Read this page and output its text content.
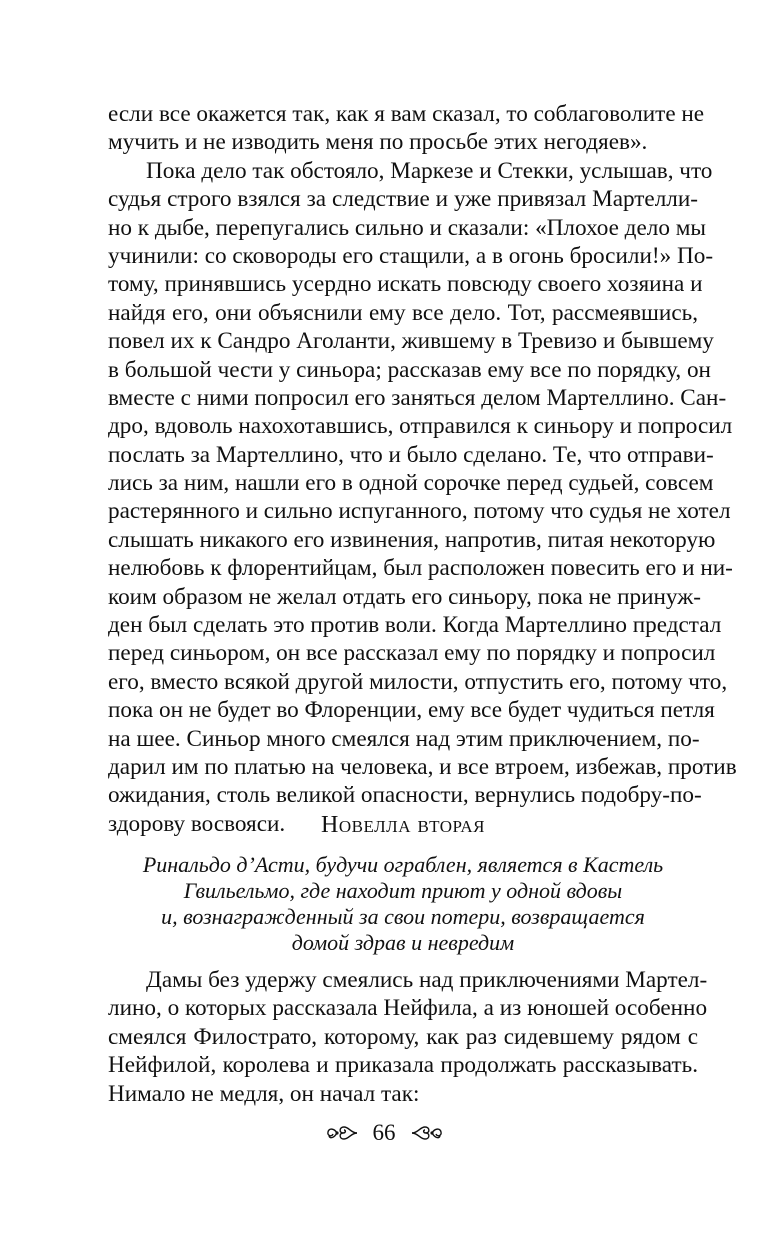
если все окажется так, как я вам сказал, то соблаговолите не
мучить и не изводить меня по просьбе этих негодяев».
Пока дело так обстояло, Маркезе и Стекки, услышав, что
судья строго взялся за следствие и уже привязал Мартелли-
но к дыбе, перепугались сильно и сказали: «Плохое дело мы
учинили: со сковороды его стащили, а в огонь бросили!» По-
тому, принявшись усердно искать повсюду своего хозяина и
найдя его, они объяснили ему все дело. Тот, рассмеявшись,
повел их к Сандро Аголанти, жившему в Тревизо и бывшему
в большой чести у синьора; рассказав ему все по порядку, он
вместе с ними попросил его заняться делом Мартеллино. Сан-
дро, вдоволь нахохотавшись, отправился к синьору и попросил
послать за Мартеллино, что и было сделано. Те, что отправи-
лись за ним, нашли его в одной сорочке перед судьей, совсем
растерянного и сильно испуганного, потому что судья не хотел
слышать никакого его извинения, напротив, питая некоторую
нелюбовь к флорентийцам, был расположен повесить его и ни-
коим образом не желал отдать его синьору, пока не принуж-
ден был сделать это против воли. Когда Мартеллино предстал
перед синьором, он все рассказал ему по порядку и попросил
его, вместо всякой другой милости, отпустить его, потому что,
пока он не будет во Флоренции, ему все будет чудиться петля
на шее. Синьор много смеялся над этим приключением, по-
дарил им по платью на человека, и все втроем, избежав, против
ожидания, столь великой опасности, вернулись подобру-по-
здорову восвояси.	Новелла вторая
Ринальдо д’Асти, будучи ограблен, является в Кастель
Гвильельмо, где находит приют у одной вдовы
и, вознагражденный за свои потери, возвращается
домой здрав и невредим
Дамы без удержу смеялись над приключениями Мартел-
лино, о которых рассказала Нейфила, а из юношей особенно
смеялся Филострато, которому, как раз сидевшему рядом с
Нейфилой, королева и приказала продолжать рассказывать.
Нимало не медля, он начал так:
66
